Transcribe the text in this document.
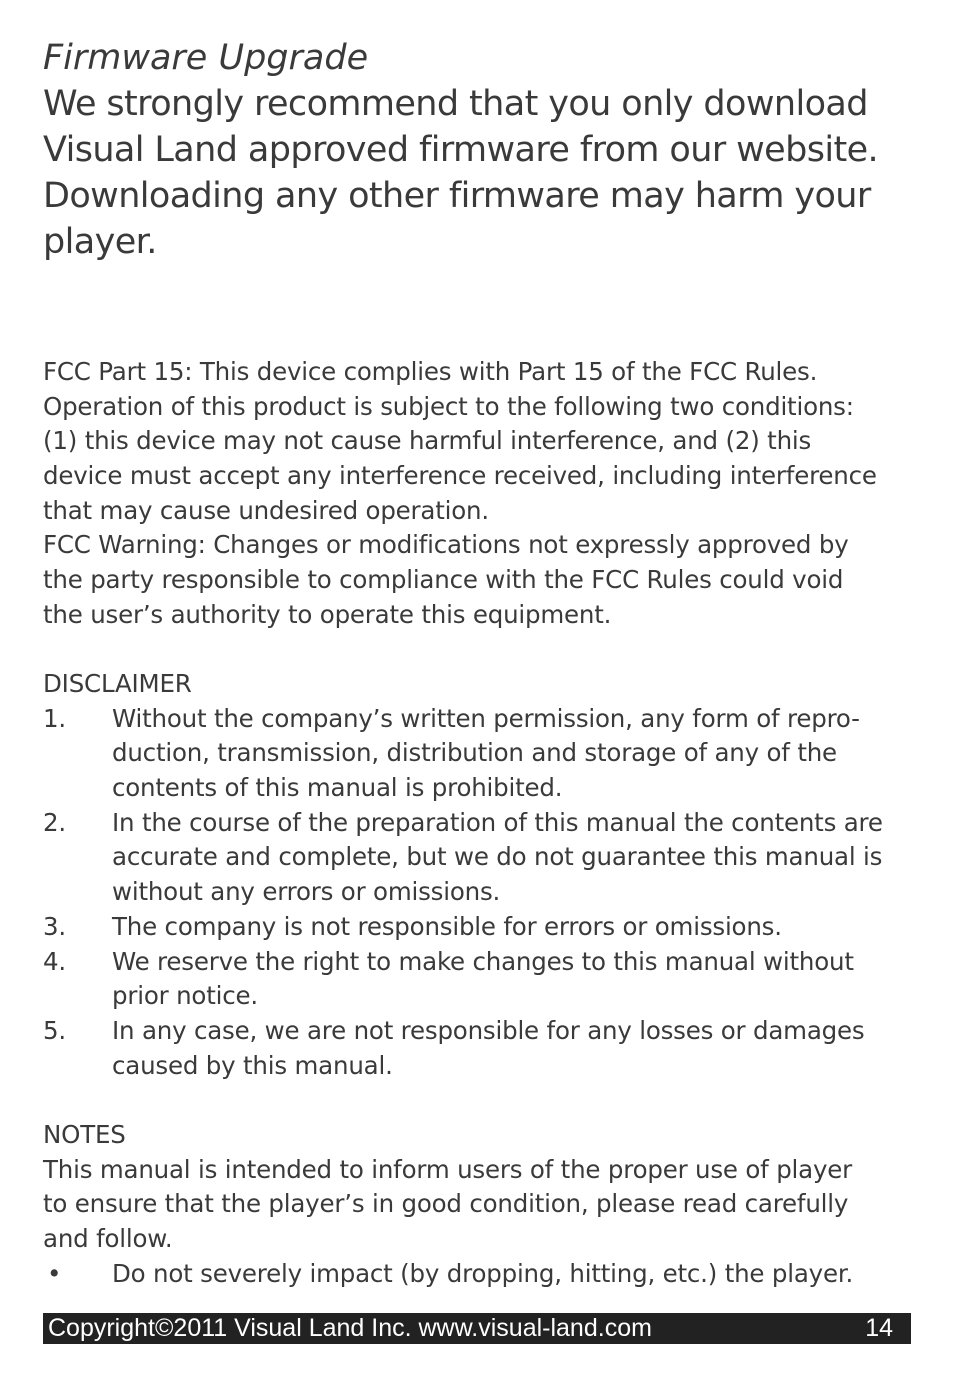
Firmware Upgrade
We strongly recommend that you only download
Visual Land approved firmware from our website.
Downloading any other firmware may harm your
player.
FCC Part 15: This device complies with Part 15 of the FCC Rules.
Operation of this product is subject to the following two conditions:
(1) this device may not cause harmful interference, and (2) this
device must accept any interference received, including interference
that may cause undesired operation.
FCC Warning: Changes or modifications not expressly approved by
the party responsible to compliance with the FCC Rules could void
the user’s authority to operate this equipment.
DISCLAIMER
1. Without the company’s written permission, any form of repro-
duction, transmission, distribution and storage of any of the
contents of this manual is prohibited.
2. In the course of the preparation of this manual the contents are
accurate and complete, but we do not guarantee this manual is
without any errors or omissions.
3. The company is not responsible for errors or omissions.
4. We reserve the right to make changes to this manual without
prior notice.
5. In any case, we are not responsible for any losses or damages
caused by this manual.
NOTES
This manual is intended to inform users of the proper use of player
to ensure that the player’s in good condition, please read carefully
and follow.
• Do not severely impact (by dropping, hitting, etc.) the player.
Copyright©2011 Visual Land Inc. www.visual-land.com	14
